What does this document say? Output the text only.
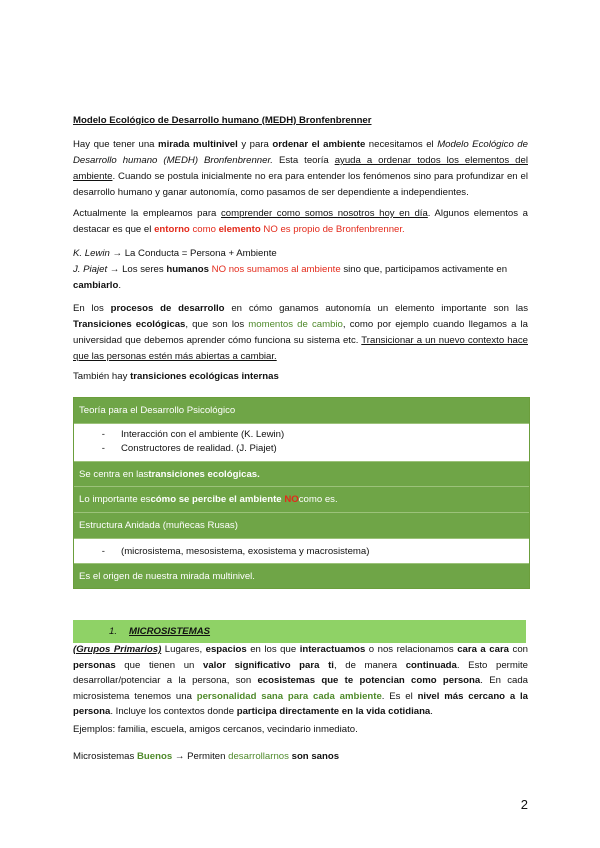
Modelo Ecológico de Desarrollo humano (MEDH) Bronfenbrenner
Hay que tener una mirada multinivel y para ordenar el ambiente necesitamos el Modelo Ecológico de Desarrollo humano (MEDH) Bronfenbrenner. Esta teoría ayuda a ordenar todos los elementos del ambiente. Cuando se postula inicialmente no era para entender los fenómenos sino para profundizar en el desarrollo humano y ganar autonomía, como pasamos de ser dependiente a independientes.
Actualmente la empleamos para comprender como somos nosotros hoy en día. Algunos elementos a destacar es que el entorno como elemento NO es propio de Bronfenbrenner.
K. Lewin → La Conducta = Persona + Ambiente
J. Piajet → Los seres humanos NO nos sumamos al ambiente sino que, participamos activamente en cambiarlo.
En los procesos de desarrollo en cómo ganamos autonomía un elemento importante son las Transiciones ecológicas, que son los momentos de cambio, como por ejemplo cuando llegamos a la universidad que debemos aprender cómo funciona su sistema etc. Transicionar a un nuevo contexto hace que las personas estén más abiertas a cambiar.
También hay transiciones ecológicas internas
Teoría para el Desarrollo Psicológico
-	Interacción con el ambiente (K. Lewin)
-	Constructores de realidad. (J. Piajet)
Se centra en las transiciones ecológicas.
Lo importante es cómo se percibe el ambiente
NO como es.
Estructura Anidada (muñecas Rusas)
-	(microsistema, mesosistema, exosistema y macrosistema)
Es el origen de nuestra mirada multinivel.
1.	MICROSISTEMAS
(Grupos Primarios) Lugares, espacios en los que interactuamos o nos relacionamos cara a cara con personas que tienen un valor significativo para ti, de manera continuada. Esto permite desarrollar/potenciar a la persona, son ecosistemas que te potencian como persona. En cada microsistema tenemos una personalidad sana para cada ambiente. Es el nivel más cercano a la persona. Incluye los contextos donde participa directamente en la vida cotidiana.
Ejemplos: familia, escuela, amigos cercanos, vecindario inmediato.
Microsistemas Buenos → Permiten desarrollarnos son sanos
2
